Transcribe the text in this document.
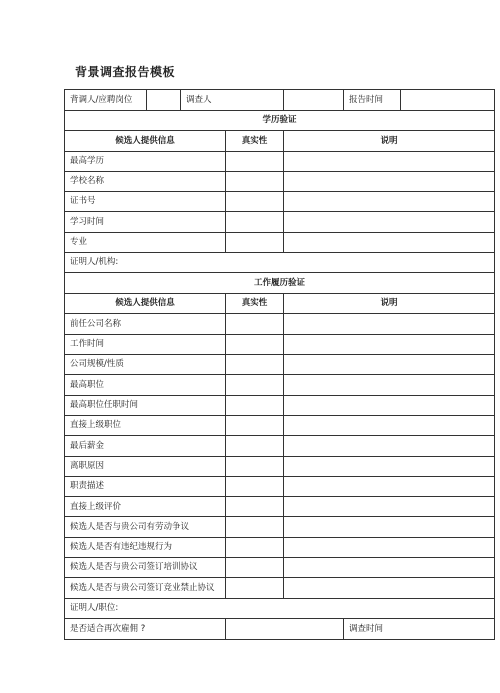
背景调查报告模板
背调人/应聘岗位		调查人			报告时间	
学历验证						
候选人提供信息			真实性	说明		
最高学历						
学校名称						
证书号						
学习时间						
专业						
证明人/机构:						
工作履历验证						
候选人提供信息			真实性	说明		
前任公司名称						
工作时间						
公司规模/性质						
最高职位						
最高职位任职时间						
直接上级职位						
最后薪金						
离职原因						
职责描述						
直接上级评价						
候选人是否与贵公司有劳动争议						
候选人是否有违纪违规行为						
候选人是否与贵公司签订培训协议						
候选人是否与贵公司签订竞业禁止协议						
证明人/职位:						
是否适合再次雇佣 ?					调查时间	
